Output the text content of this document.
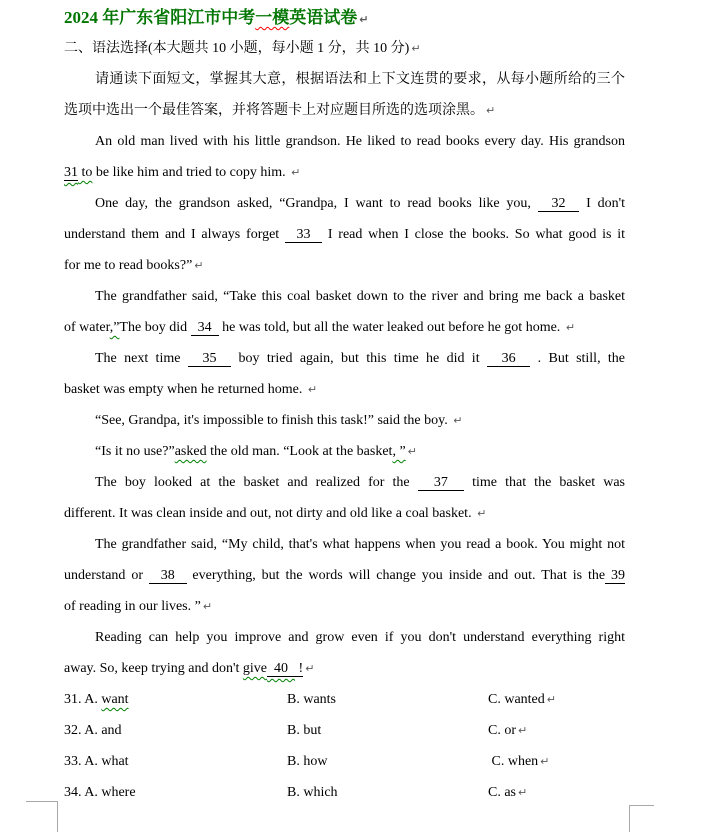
2024 年广东省阳江市中考一模英语试卷 ↵
二、语法选择(本大题共 10 小题，每小题 1 分，共 10 分) ↵
请通读下面短文，掌握其大意，根据语法和上下文连贯的要求，从每小题所给的三个
选项中选出一个最佳答案，并将答题卡上对应题目所选的选项涂黑。 ↵
An old man lived with his little grandson. He liked to read books every day. His grandson
31 to be like him and tried to copy him. ↵
One day, the grandson asked, “Grandpa, I want to read books like you,   32   I don't
understand them and I always forget   33   I read when I close the books. So what good is it
for me to read books?” ↵
The grandfather said, “Take this coal basket down to the river and bring me back a basket
of water,”The boy did   34   he was told, but all the water leaked out before he got home. ↵
The next time   35   boy tried again, but this time he did it   36   . But still, the
basket was empty when he returned home. ↵
“See, Grandpa, it's impossible to finish this task!” said the boy. ↵
“Is it no use?”asked the old man. “Look at the basket, ” ↵
The boy looked at the basket and realized for the   37   time that the basket was
different. It was clean inside and out, not dirty and old like a coal basket. ↵
The grandfather said, “My child, that's what happens when you read a book. You might not
understand or   38   everything, but the words will change you inside and out. That is the 39
of reading in our lives. ” ↵
Reading can help you improve and grow even if you don't understand everything right
away. So, keep trying and don't give  40   ! ↵
31. A. want	B. wants	C. wanted ↵
32. A. and	B. but	C. or ↵
33. A. what	B. how	C. when ↵
34. A. where	B. which	C. as ↵
